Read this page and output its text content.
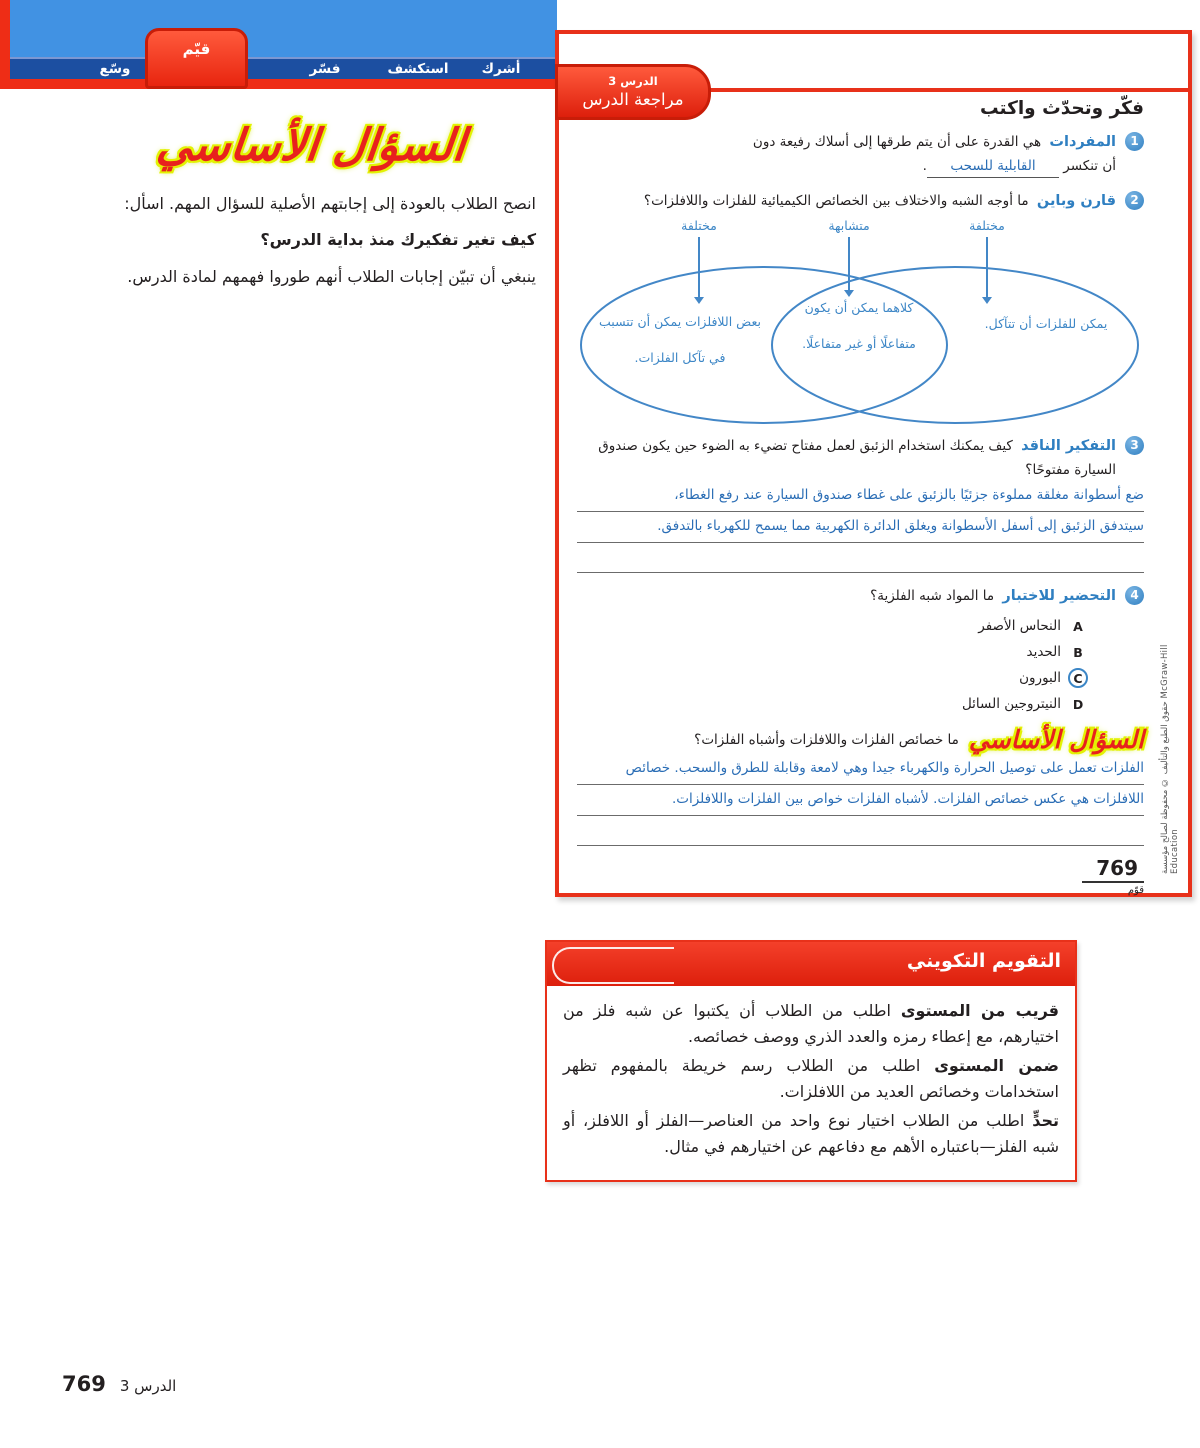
وسّع	فسّر	استكشف	أشرك
قيّم
السؤال الأساسي

انصح الطلاب بالعودة إلى إجابتهم الأصلية للسؤال المهم. اسأل:

كيف تغير تفكيرك منذ بداية الدرس؟

ينبغي أن تبيّن إجابات الطلاب أنهم طوروا فهمهم لمادة الدرس.

الدرس 3
مراجعة الدرس	فكّر وتحدّث واكتب
1
المفردات هي القدرة على أن يتم طرقها إلى أسلاك رفيعة دون
أن تنكسر القابلية للسحب.
2
قارن وباين ما أوجه الشبه والاختلاف بين الخصائص الكيميائية للفلزات واللافلزات؟
مختلفة	متشابهة	مختلفة
بعض اللافلزات يمكن أن تتسبب في تآكل الفلزات.
كلاهما يمكن أن يكون متفاعلًا أو غير متفاعلًا.
يمكن للفلزات أن تتآكل.
3
التفكير الناقد كيف يمكنك استخدام الزئبق لعمل مفتاح تضيء به الضوء حين يكون صندوق السيارة مفتوحًا؟
ضع أسطوانة مغلقة مملوءة جزئيًا بالزئبق على غطاء صندوق السيارة عند رفع الغطاء،
سيتدفق الزئبق إلى أسفل الأسطوانة ويغلق الدائرة الكهربية مما يسمح للكهرباء بالتدفق.
4
التحضير للاختبار ما المواد شبه الفلزية؟
A
النحاس الأصفر
B
الحديد
C
البورون
D
النيتروجين السائل
السؤال الأساسي
ما خصائص الفلزات واللافلزات وأشباه الفلزات؟
الفلزات تعمل على توصيل الحرارة والكهرباء جيدا وهي لامعة وقابلة للطرق والسحب. خصائص
اللافلزات هي عكس خصائص الفلزات. لأشباه الفلزات خواص بين الفلزات واللافلزات.
769
قوّم
حقوق الطبع والتأليف © محفوظة لصالح مؤسسة McGraw-Hill Education
التقويم التكويني

قريب من المستوى اطلب من الطلاب أن يكتبوا عن شبه فلز من اختيارهم، مع إعطاء رمزه والعدد الذري ووصف خصائصه.

ضمن المستوى اطلب من الطلاب رسم خريطة بالمفهوم تظهر استخدامات وخصائص العديد من اللافلزات.

تحدٍّ اطلب من الطلاب اختيار نوع واحد من العناصر—الفلز أو اللافلز، أو شبه الفلز—باعتباره الأهم مع دفاعهم عن اختيارهم في مثال.

769 الدرس 3
